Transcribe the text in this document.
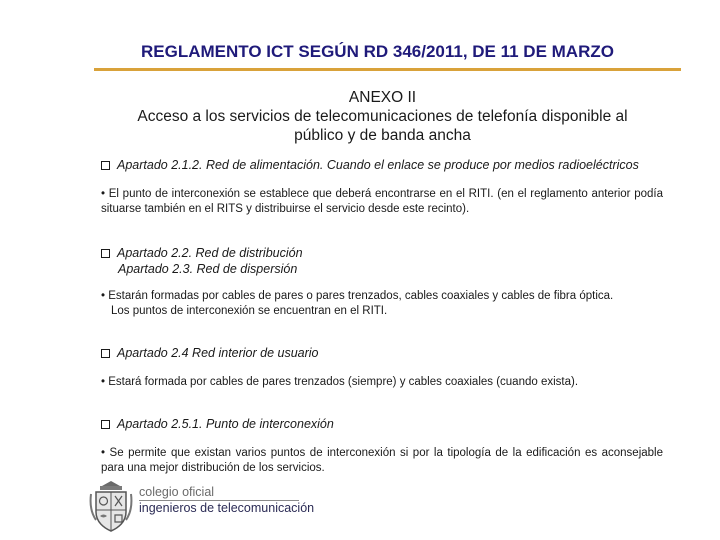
REGLAMENTO ICT SEGÚN RD 346/2011, DE 11 DE MARZO
ANEXO II
Acceso a los servicios de telecomunicaciones de telefonía disponible al
público y de banda ancha
Apartado 2.1.2. Red de alimentación. Cuando el enlace se produce por medios radioeléctricos
• El punto de interconexión se establece que deberá encontrarse en el RITI. (en el reglamento anterior podía situarse también en el RITS y distribuirse el servicio desde este recinto).
Apartado 2.2. Red de distribución
Apartado 2.3. Red de dispersión
• Estarán formadas por cables de pares o pares trenzados, cables coaxiales y cables de fibra óptica.
Los puntos de interconexión se encuentran en el RITI.
Apartado 2.4 Red interior de usuario
• Estará formada por cables de pares trenzados (siempre) y cables coaxiales (cuando exista).
Apartado 2.5.1. Punto de interconexión
• Se permite que existan varios puntos de interconexión si por la tipología de la edificación es aconsejable para una mejor distribución de los servicios.
colegio oficial
ingenieros de telecomunicación
